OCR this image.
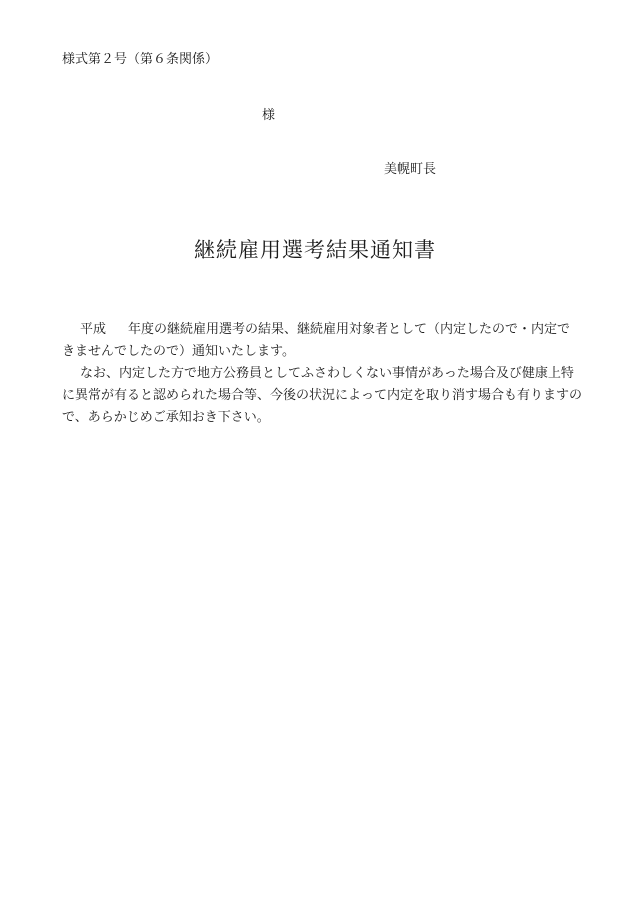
様式第２号（第６条関係）
様
美幌町長
継続雇用選考結果通知書

平成 年度の継続雇用選考の結果、継続雇用対象者として（内定したので・内定できませんでしたので）通知いたします。

なお、内定した方で地方公務員としてふさわしくない事情があった場合及び健康上特に異常が有ると認められた場合等、今後の状況によって内定を取り消す場合も有りますので、あらかじめご承知おき下さい。
